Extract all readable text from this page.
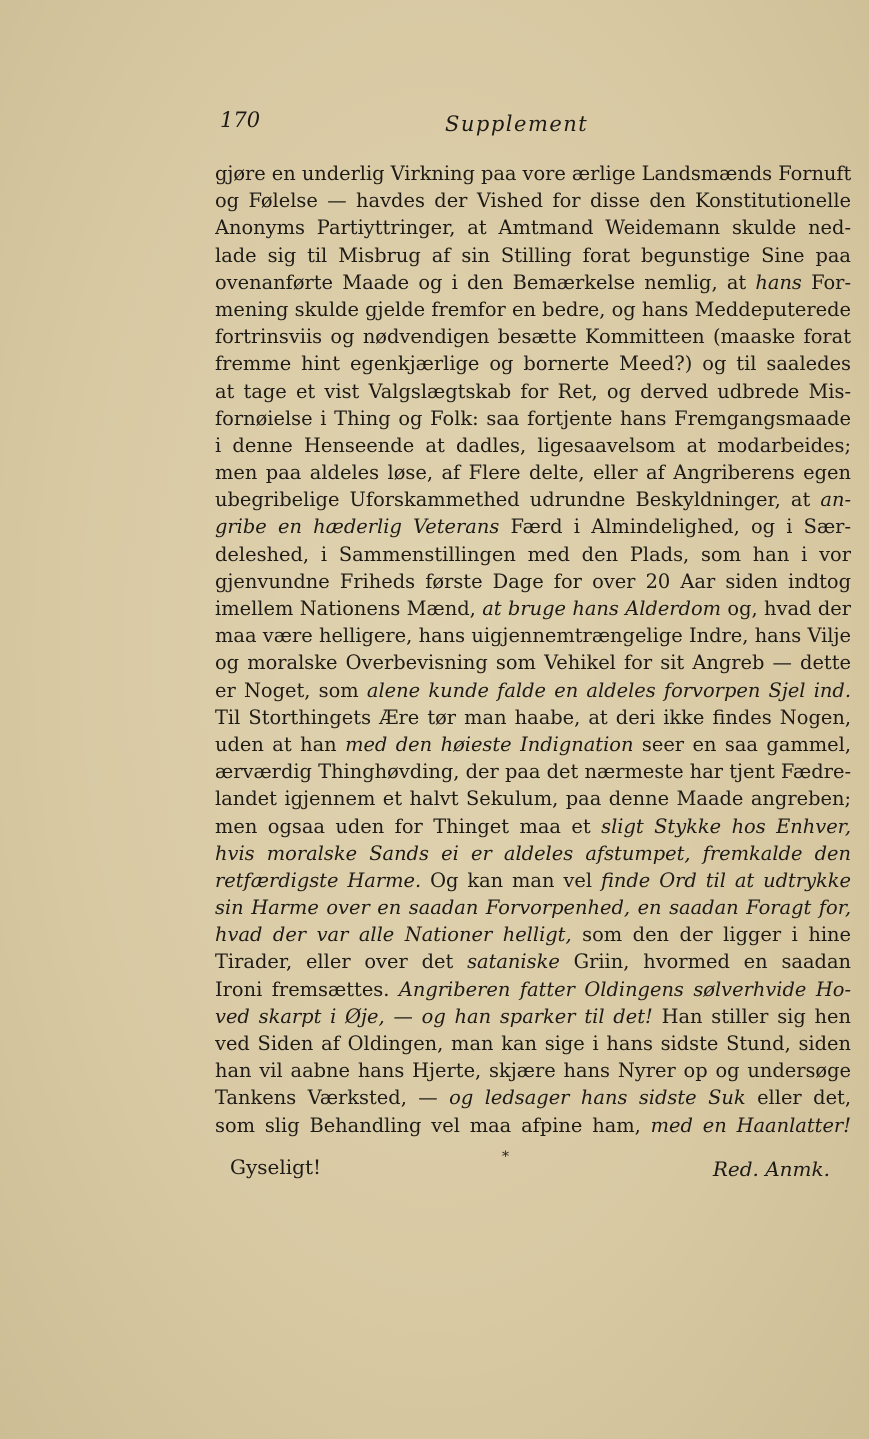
170	Supplement
gjøre en underlig Virkning paa vore ærlige Landsmænds Fornuft
og Følelse — havdes der Vished for disse den Konstitutionelle
Anonyms Partiyttringer, at Amtmand Weidemann skulde ned-
lade sig til Misbrug af sin Stilling forat begunstige Sine paa
ovenanførte Maade og i den Bemærkelse nemlig, at hans For-
mening skulde gjelde fremfor en bedre, og hans Meddeputerede
fortrinsviis og nødvendigen besætte Kommitteen (maaske forat
fremme hint egenkjærlige og bornerte Meed?) og til saaledes
at tage et vist Valgslægtskab for Ret, og derved udbrede Mis-
fornøielse i Thing og Folk: saa fortjente hans Fremgangsmaade
i denne Henseende at dadles, ligesaavelsom at modarbeides;
men paa aldeles løse, af Flere delte, eller af Angriberens egen
ubegribelige Uforskammethed udrundne Beskyldninger, at an-
gribe en hæderlig Veterans Færd i Almindelighed, og i Sær-
deleshed, i Sammenstillingen med den Plads, som han i vor
gjenvundne Friheds første Dage for over 20 Aar siden indtog
imellem Nationens Mænd, at bruge hans Alderdom og, hvad der
maa være helligere, hans uigjennemtrængelige Indre, hans Vilje
og moralske Overbevisning som Vehikel for sit Angreb — dette
er Noget, som alene kunde falde en aldeles forvorpen Sjel ind.
Til Storthingets Ære tør man haabe, at deri ikke findes Nogen,
uden at han med den høieste Indignation seer en saa gammel,
ærværdig Thinghøvding, der paa det nærmeste har tjent Fædre-
landet igjennem et halvt Sekulum, paa denne Maade angreben;
men ogsaa uden for Thinget maa et sligt Stykke hos Enhver,
hvis moralske Sands ei er aldeles afstumpet, fremkalde den
retfærdigste Harme. Og kan man vel finde Ord til at udtrykke
sin Harme over en saadan Forvorpenhed, en saadan Foragt for,
hvad der var alle Nationer helligt, som den der ligger i hine
Tirader, eller over det sataniske Griin, hvormed en saadan
Ironi fremsættes. Angriberen fatter Oldingens sølverhvide Ho-
ved skarpt i Øje, — og han sparker til det! Han stiller sig hen
ved Siden af Oldingen, man kan sige i hans sidste Stund, siden
han vil aabne hans Hjerte, skjære hans Nyrer op og undersøge
Tankens Værksted, — og ledsager hans sidste Suk eller det,
som slig Behandling vel maa afpine ham, med en Haanlatter!
Gyseligt!	*	Red. Anmk.
